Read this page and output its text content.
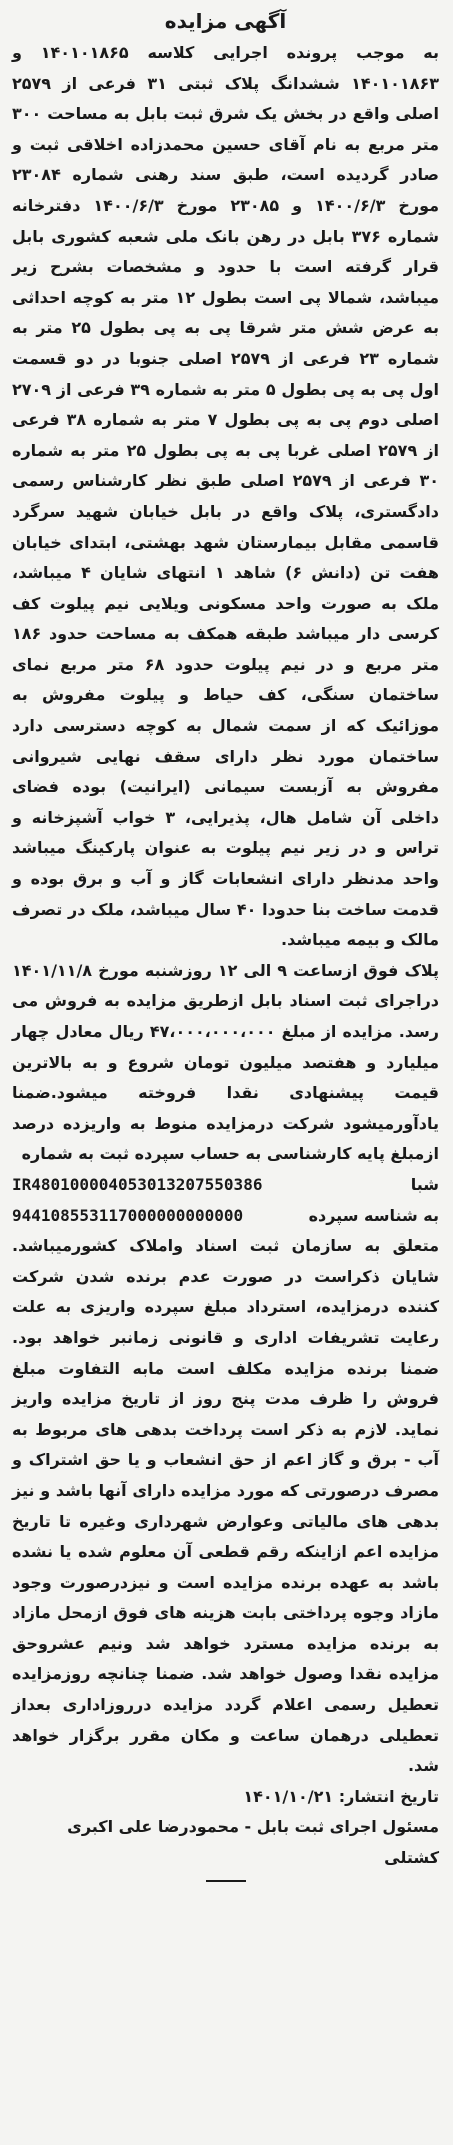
آگهی مزایده

به موجب پرونده اجرایی کلاسه ۱۴۰۱۰۱۸۶۵ و ۱۴۰۱۰۱۸۶۳ ششدانگ پلاک ثبتی ۳۱ فرعی از ۲۵۷۹ اصلی واقع در بخش یک شرق ثبت بابل به مساحت ۳۰۰ متر مربع به نام آقای حسین محمدزاده اخلاقی ثبت و صادر گردیده است، طبق سند رهنی شماره ۲۳۰۸۴ مورخ ۱۴۰۰/۶/۳ و ۲۳۰۸۵ مورخ ۱۴۰۰/۶/۳ دفترخانه شماره ۳۷۶ بابل در رهن بانک ملی شعبه کشوری بابل قرار گرفته است با حدود و مشخصات بشرح زیر میباشد، شمالا پی است بطول ۱۲ متر به کوچه احداثی به عرض شش متر شرقا پی به پی بطول ۲۵ متر به شماره ۲۳ فرعی از ۲۵۷۹ اصلی جنوبا در دو قسمت اول پی به پی بطول ۵ متر به شماره ۳۹ فرعی از ۲۷۰۹ اصلی دوم پی به پی بطول ۷ متر به شماره ۳۸ فرعی از ۲۵۷۹ اصلی غربا پی به پی بطول ۲۵ متر به شماره ۳۰ فرعی از ۲۵۷۹ اصلی طبق نظر کارشناس رسمی دادگستری، پلاک واقع در بابل خیابان شهید سرگرد قاسمی مقابل بیمارستان شهد بهشتی، ابتدای خیابان هفت تن (دانش ۶) شاهد ۱ انتهای شایان ۴ میباشد، ملک به صورت واحد مسکونی ویلایی نیم پیلوت کف کرسی دار میباشد طبقه همکف به مساحت حدود ۱۸۶ متر مربع و در نیم پیلوت حدود ۶۸ متر مربع نمای ساختمان سنگی، کف حیاط و پیلوت مفروش به موزائیک که از سمت شمال به کوچه دسترسی دارد ساختمان مورد نظر دارای سقف نهایی شیروانی مفروش به آزبست سیمانی (ایرانیت) بوده فضای داخلی آن شامل هال، پذیرایی، ۳ خواب آشپزخانه و تراس و در زیر نیم پیلوت به عنوان پارکینگ میباشد واحد مدنظر دارای انشعابات گاز و آب و برق بوده و قدمت ساخت بنا حدودا ۴۰ سال میباشد، ملک در تصرف مالک و بیمه میباشد.

پلاک فوق ازساعت ۹ الی ۱۲ روزشنبه مورخ ۱۴۰۱/۱۱/۸ دراجرای ثبت اسناد بابل ازطریق مزایده به فروش می رسد. مزایده از مبلغ ۴۷،۰۰۰،۰۰۰،۰۰۰ ریال معادل چهار میلیارد و هفتصد میلیون تومان شروع و به بالاترین قیمت پیشنهادی نقدا فروخته میشود.ضمنا یادآورمیشود شرکت درمزایده منوط به واریزده درصد ازمبلغ پایه کارشناسی به حساب سپرده ثبت به شماره

IR480100004053013207550386	شبا
944108553117000000000000	به شناسه سپرده

متعلق به سازمان ثبت اسناد واملاک کشورمیباشد. شایان ذکراست در صورت عدم برنده شدن شرکت کننده درمزایده، استرداد مبلغ سپرده واریزی به علت رعایت تشریفات اداری و قانونی زمانبر خواهد بود. ضمنا برنده مزایده مکلف است مابه التفاوت مبلغ فروش را ظرف مدت پنج روز از تاریخ مزایده واریز نماید. لازم به ذکر است پرداخت بدهی های مربوط به آب - برق و گاز اعم از حق انشعاب و یا حق اشتراک و مصرف درصورتی که مورد مزایده دارای آنها باشد و نیز بدهی های مالیاتی وعوارض شهرداری وغیره تا تاریخ مزایده اعم ازاینکه رقم قطعی آن معلوم شده یا نشده باشد به عهده برنده مزایده است و نیزدرصورت وجود مازاد وجوه پرداختی بابت هزینه های فوق ازمحل مازاد به برنده مزایده مسترد خواهد شد ونیم عشروحق مزایده نقدا وصول خواهد شد. ضمنا چنانچه روزمزایده تعطیل رسمی اعلام گردد مزایده درروزاداری بعداز تعطیلی درهمان ساعت و مکان مقرر برگزار خواهد شد.

تاریخ انتشار: ۱۴۰۱/۱۰/۲۱
مسئول اجرای ثبت بابل - محمودرضا علی اکبری
کشتلی
